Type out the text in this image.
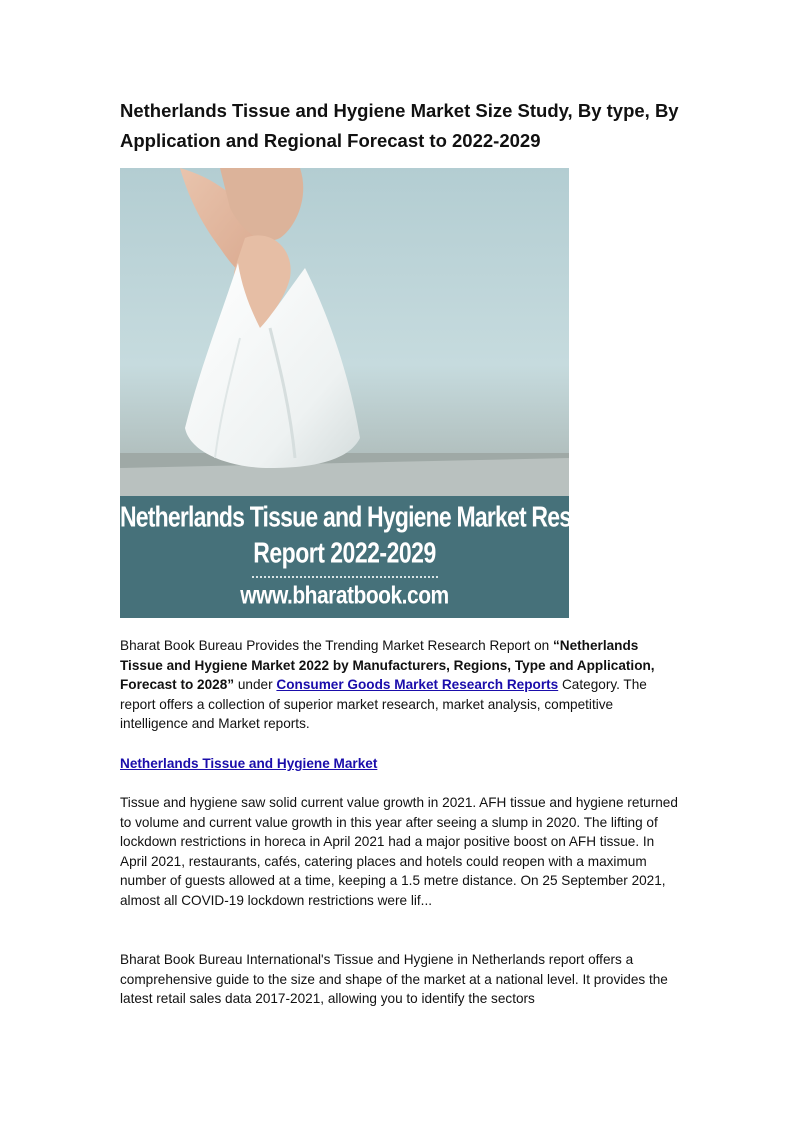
Netherlands Tissue and Hygiene Market Size Study, By type, By Application and Regional Forecast to 2022-2029
Netherlands Tissue and Hygiene Market Research
Report 2022-2029
www.bharatbook.com

Bharat Book Bureau Provides the Trending Market Research Report on “Netherlands Tissue and Hygiene Market 2022 by Manufacturers, Regions, Type and Application, Forecast to 2028” under Consumer Goods Market Research Reports Category. The report offers a collection of superior market research, market analysis, competitive intelligence and Market reports.

Netherlands Tissue and Hygiene Market

Tissue and hygiene saw solid current value growth in 2021. AFH tissue and hygiene returned to volume and current value growth in this year after seeing a slump in 2020. The lifting of lockdown restrictions in horeca in April 2021 had a major positive boost on AFH tissue. In April 2021, restaurants, cafés, catering places and hotels could reopen with a maximum number of guests allowed at a time, keeping a 1.5 metre distance. On 25 September 2021, almost all COVID-19 lockdown restrictions were lif...

Bharat Book Bureau International's Tissue and Hygiene in Netherlands report offers a comprehensive guide to the size and shape of the market at a national level. It provides the latest retail sales data 2017-2021, allowing you to identify the sectors
